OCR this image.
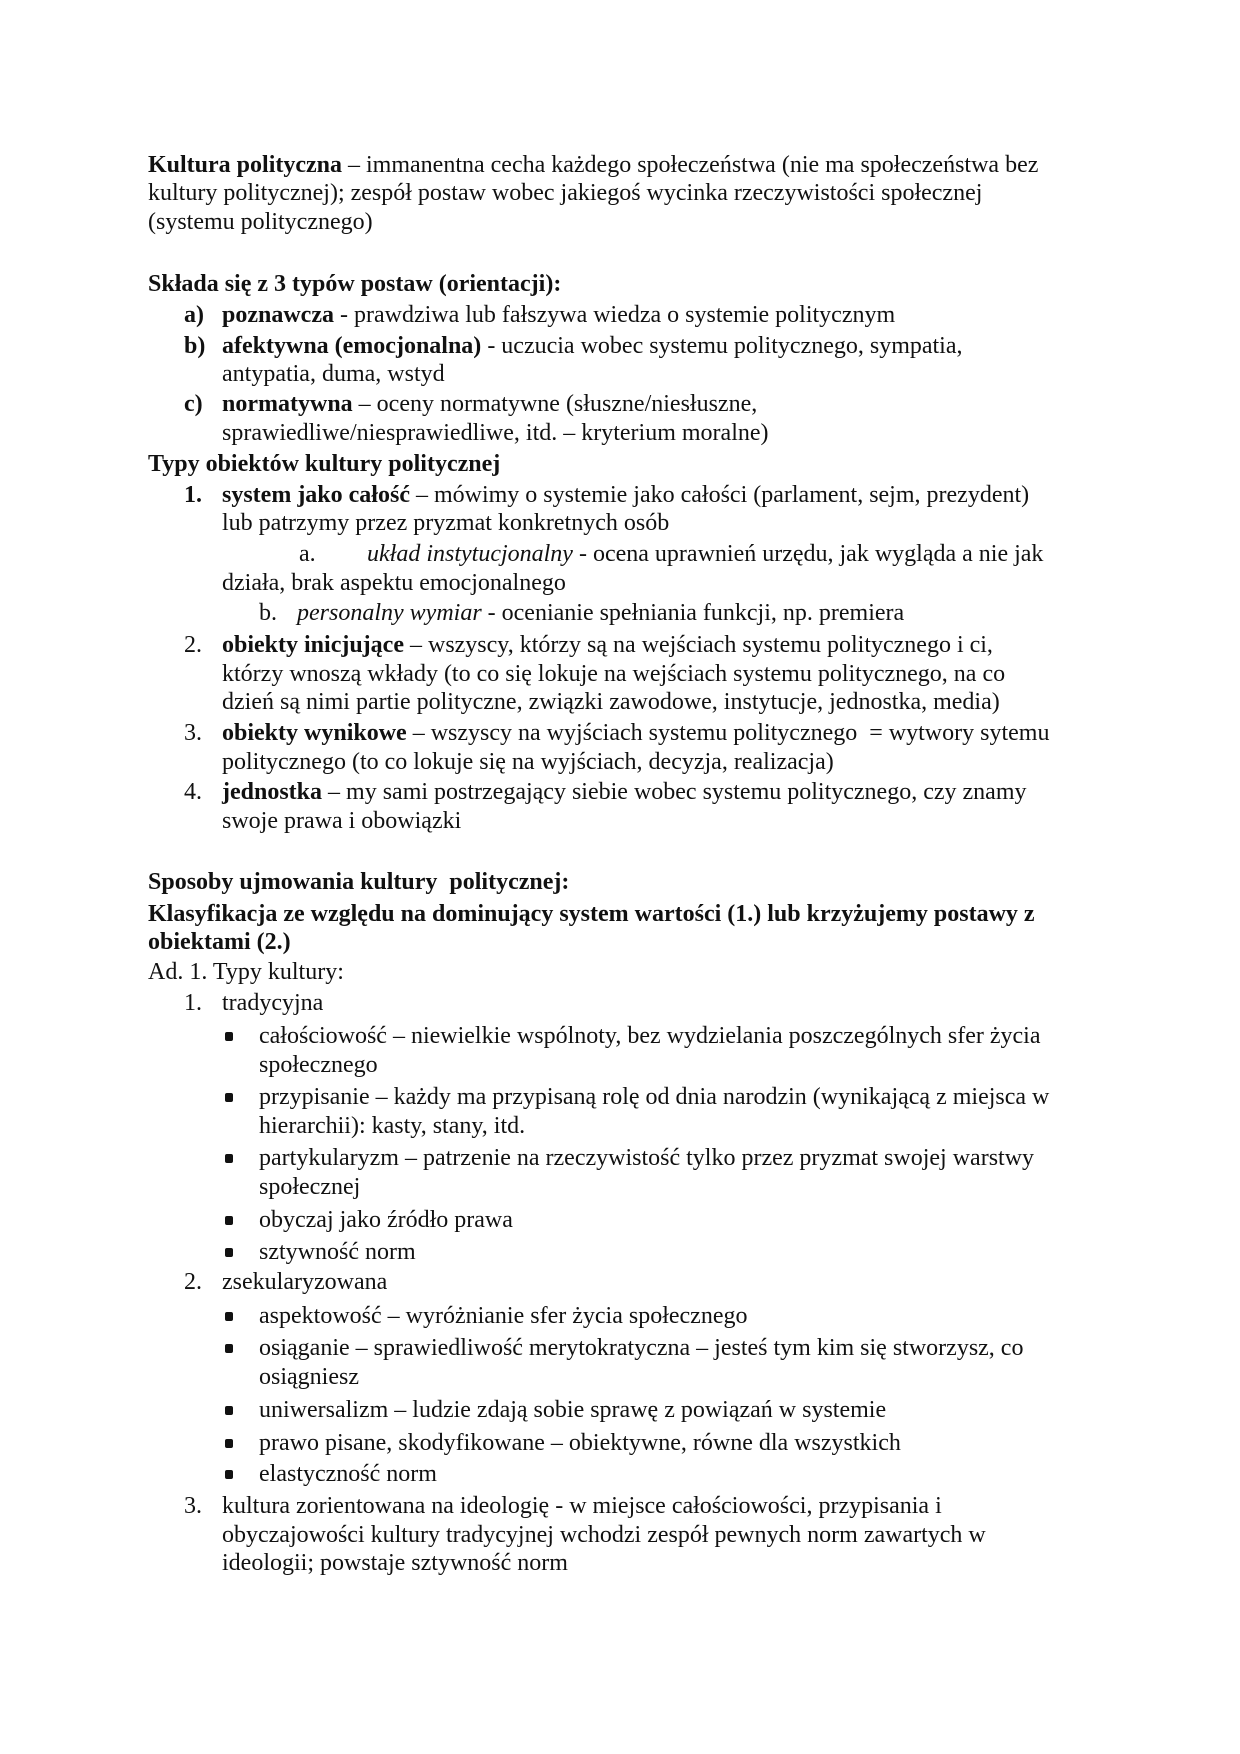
Kultura polityczna – immanentna cecha każdego społeczeństwa (nie ma społeczeństwa bez
kultury politycznej); zespół postaw wobec jakiegoś wycinka rzeczywistości społecznej
(systemu politycznego)
Składa się z 3 typów postaw (orientacji):
a) poznawcza - prawdziwa lub fałszywa wiedza o systemie politycznym
b) afektywna (emocjonalna) - uczucia wobec systemu politycznego, sympatia,
antypatia, duma, wstyd
c) normatywna – oceny normatywne (słuszne/niesłuszne,
sprawiedliwe/niesprawiedliwe, itd. – kryterium moralne)
Typy obiektów kultury politycznej
1. system jako całość – mówimy o systemie jako całości (parlament, sejm, prezydent)
lub patrzymy przez pryzmat konkretnych osób
a. układ instytucjonalny - ocena uprawnień urzędu, jak wygląda a nie jak
działa, brak aspektu emocjonalnego
b. personalny wymiar - ocenianie spełniania funkcji, np. premiera
2. obiekty inicjujące – wszyscy, którzy są na wejściach systemu politycznego i ci,
którzy wnoszą wkłady (to co się lokuje na wejściach systemu politycznego, na co
dzień są nimi partie polityczne, związki zawodowe, instytucje, jednostka, media)
3. obiekty wynikowe – wszyscy na wyjściach systemu politycznego  = wytwory sytemu
politycznego (to co lokuje się na wyjściach, decyzja, realizacja)
4. jednostka – my sami postrzegający siebie wobec systemu politycznego, czy znamy
swoje prawa i obowiązki
Sposoby ujmowania kultury  politycznej:
Klasyfikacja ze względu na dominujący system wartości (1.) lub krzyżujemy postawy z
obiektami (2.)
Ad. 1. Typy kultury:
1. tradycyjna
całościowość – niewielkie wspólnoty, bez wydzielania poszczególnych sfer życia
społecznego
przypisanie – każdy ma przypisaną rolę od dnia narodzin (wynikającą z miejsca w
hierarchii): kasty, stany, itd.
partykularyzm – patrzenie na rzeczywistość tylko przez pryzmat swojej warstwy
społecznej
obyczaj jako źródło prawa
sztywność norm
2. zsekularyzowana
aspektowość – wyróżnianie sfer życia społecznego
osiąganie – sprawiedliwość merytokratyczna – jesteś tym kim się stworzysz, co
osiągniesz
uniwersalizm – ludzie zdają sobie sprawę z powiązań w systemie
prawo pisane, skodyfikowane – obiektywne, równe dla wszystkich
elastyczność norm
3. kultura zorientowana na ideologię - w miejsce całościowości, przypisania i
obyczajowości kultury tradycyjnej wchodzi zespół pewnych norm zawartych w
ideologii; powstaje sztywność norm
